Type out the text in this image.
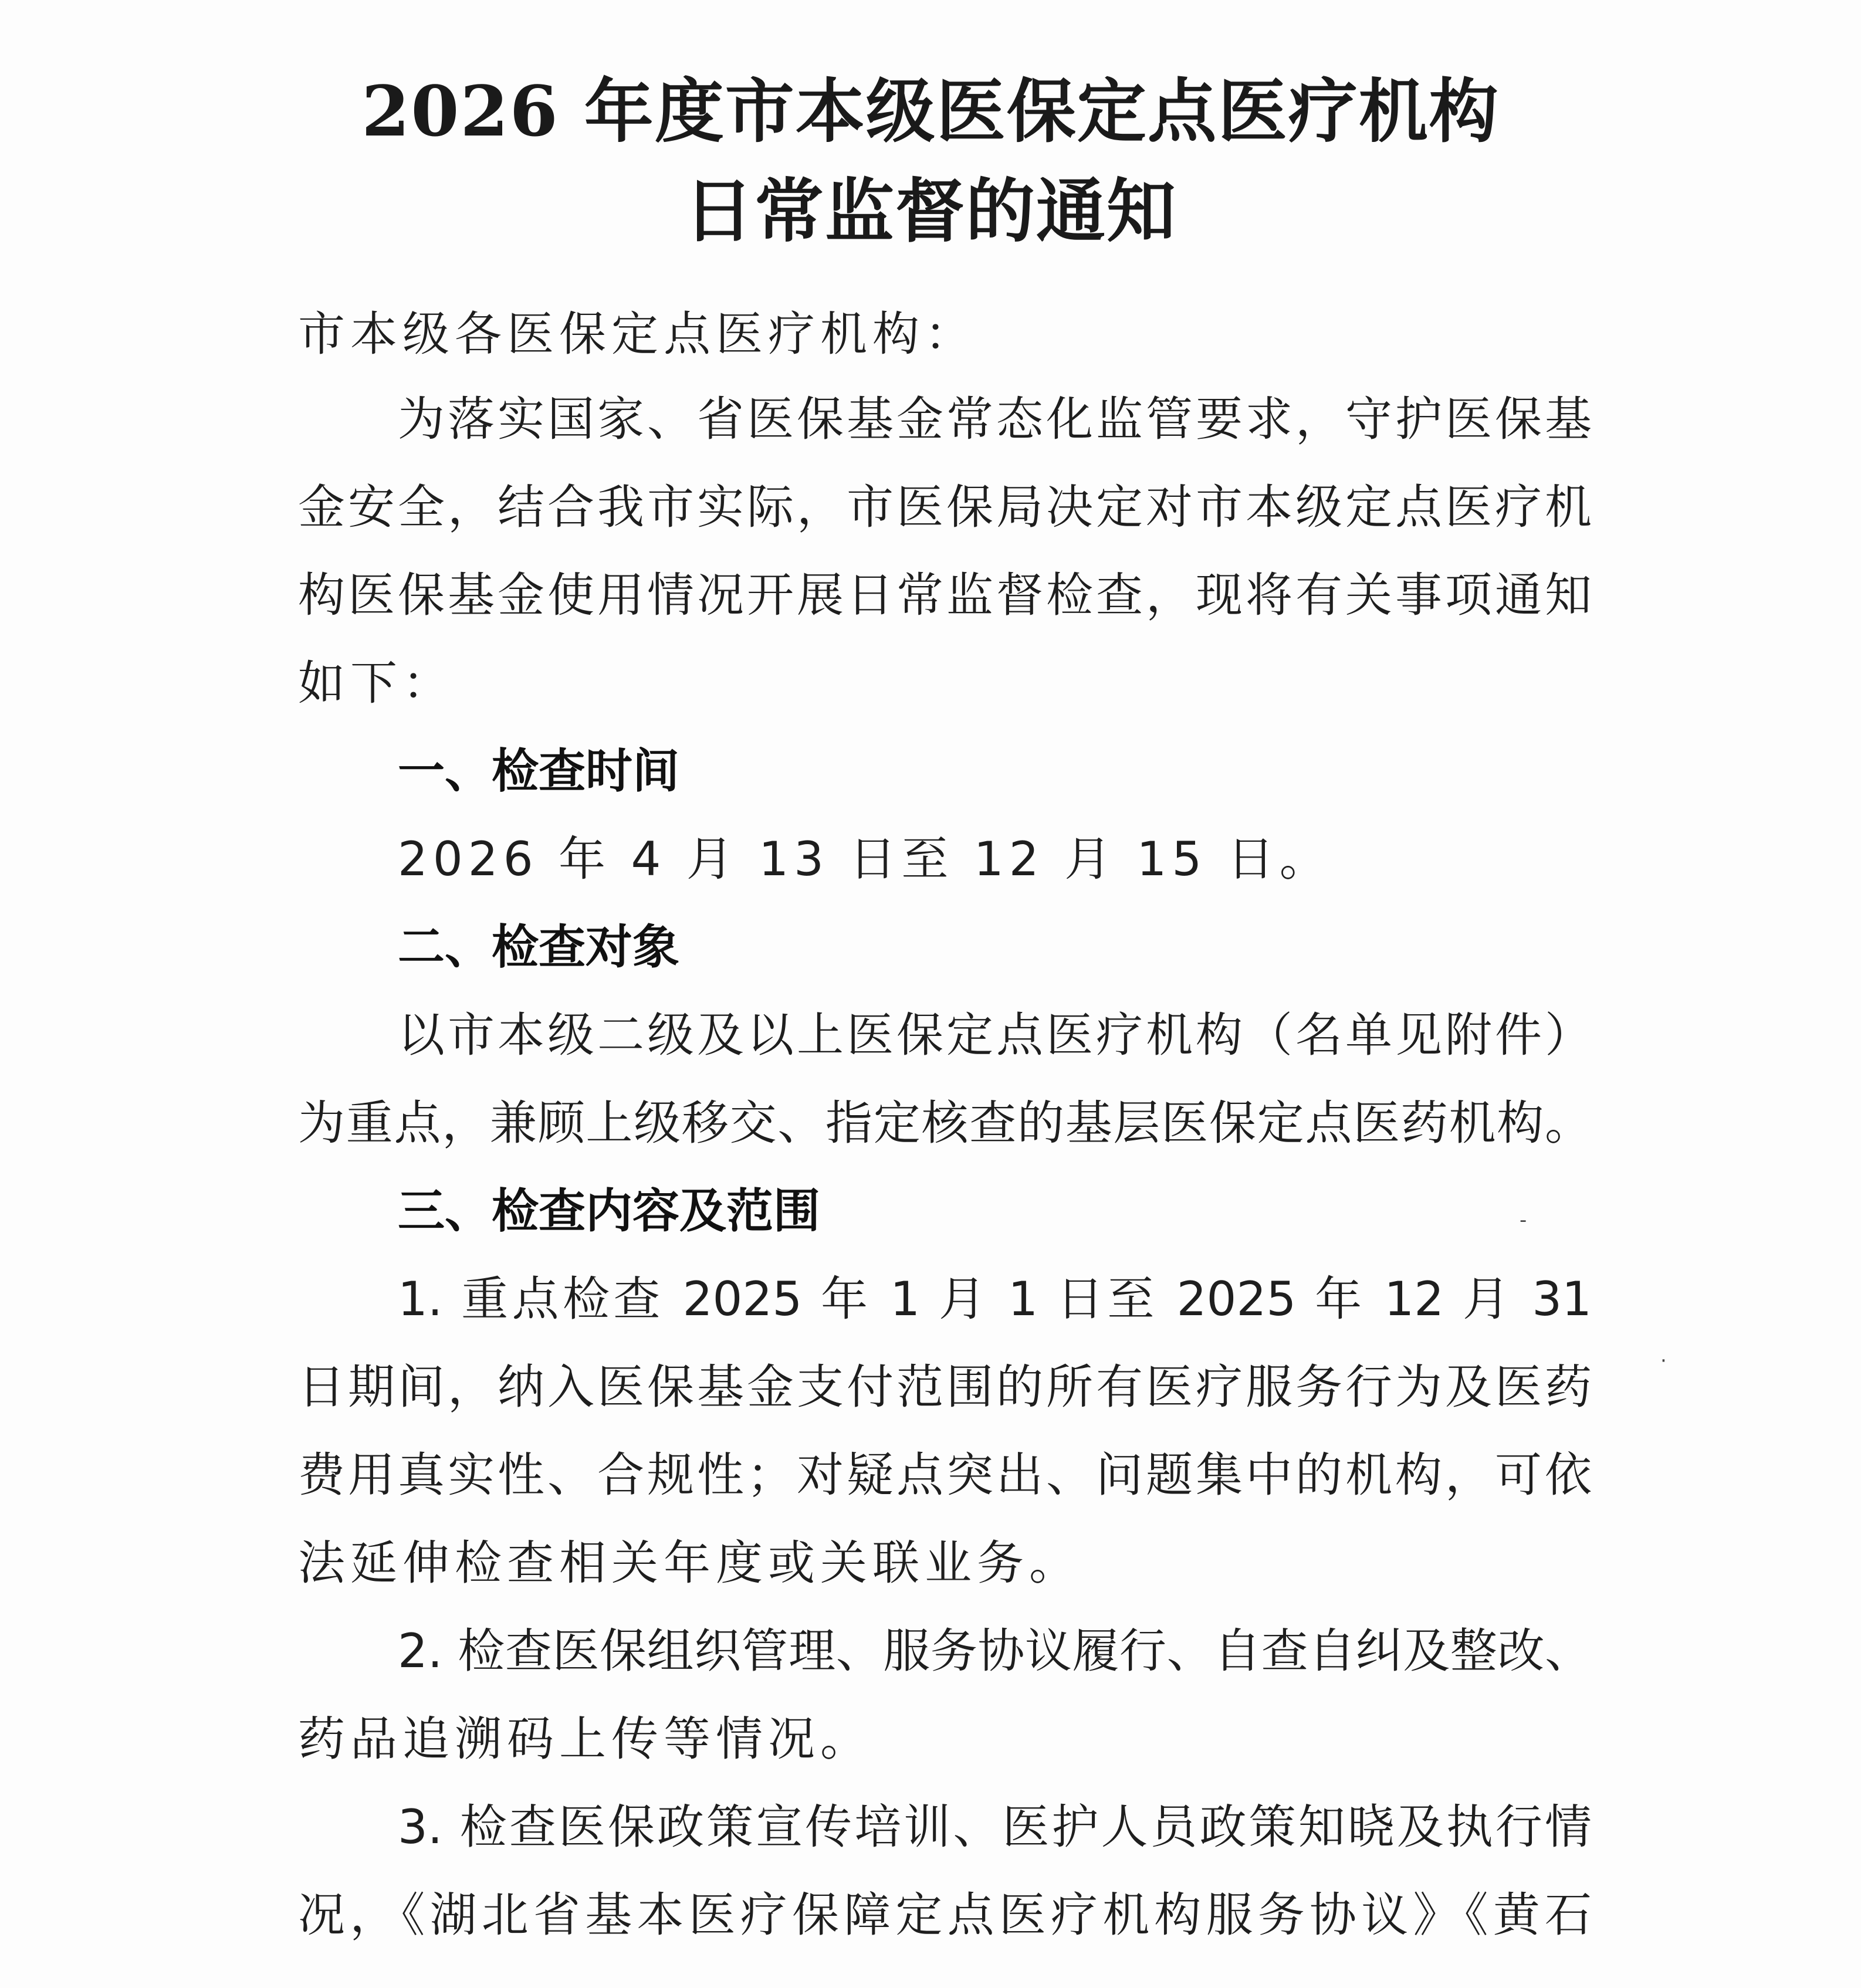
2026 年度市本级医保定点医疗机构
日常监督的通知
市本级各医保定点医疗机构：
为落实国家、省医保基金常态化监管要求，守护医保基
金安全，结合我市实际，市医保局决定对市本级定点医疗机
构医保基金使用情况开展日常监督检查，现将有关事项通知
如下：
一、检查时间
2026 年 4 月 13 日至 12 月 15 日。
二、检查对象
以市本级二级及以上医保定点医疗机构（名单见附件）
为重点，兼顾上级移交、指定核查的基层医保定点医药机构。
三、检查内容及范围
1. 重点检查 2025 年 1 月 1 日至 2025 年 12 月 31
日期间，纳入医保基金支付范围的所有医疗服务行为及医药
费用真实性、合规性；对疑点突出、问题集中的机构，可依
法延伸检查相关年度或关联业务。
2. 检查医保组织管理、服务协议履行、自查自纠及整改、
药品追溯码上传等情况。
3. 检查医保政策宣传培训、医护人员政策知晓及执行情
况，《湖北省基本医疗保障定点医疗机构服务协议》《黄石
‐
·
